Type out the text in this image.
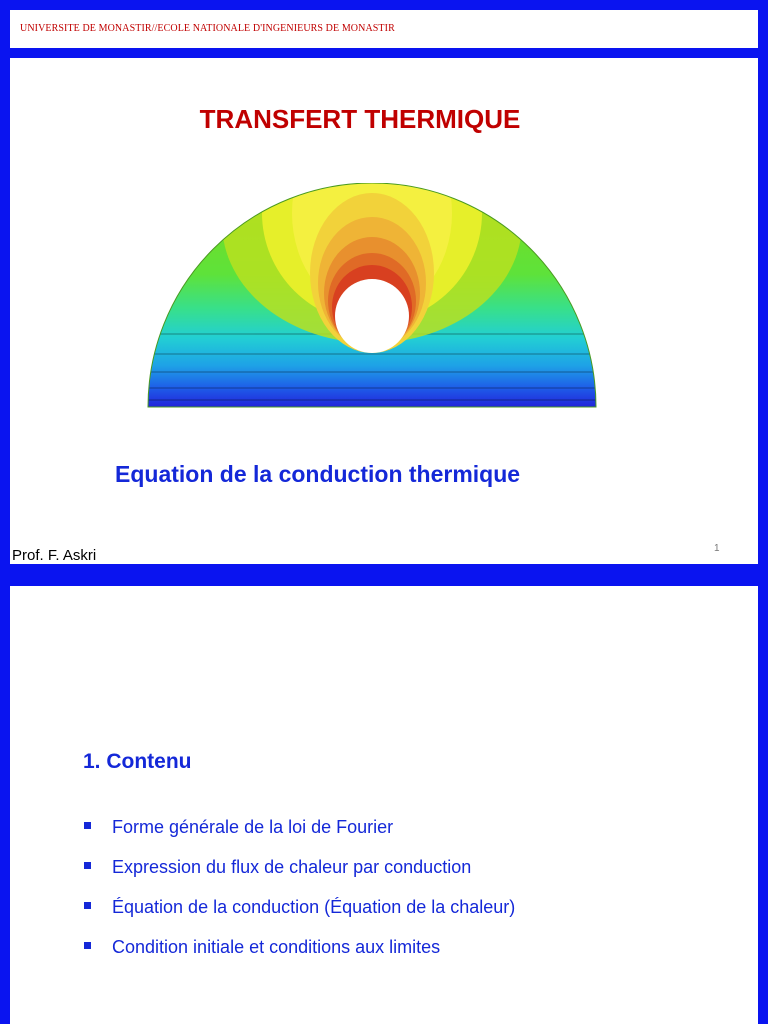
UNIVERSITE DE MONASTIR//ECOLE NATIONALE D'INGENIEURS DE MONASTIR
TRANSFERT THERMIQUE
Equation de la conduction thermique
Prof. F. Askri	1
1. Contenu
Forme générale de la loi de Fourier
Expression du flux de chaleur par conduction
Équation de la conduction (Équation de la chaleur)
Condition initiale et conditions aux limites
